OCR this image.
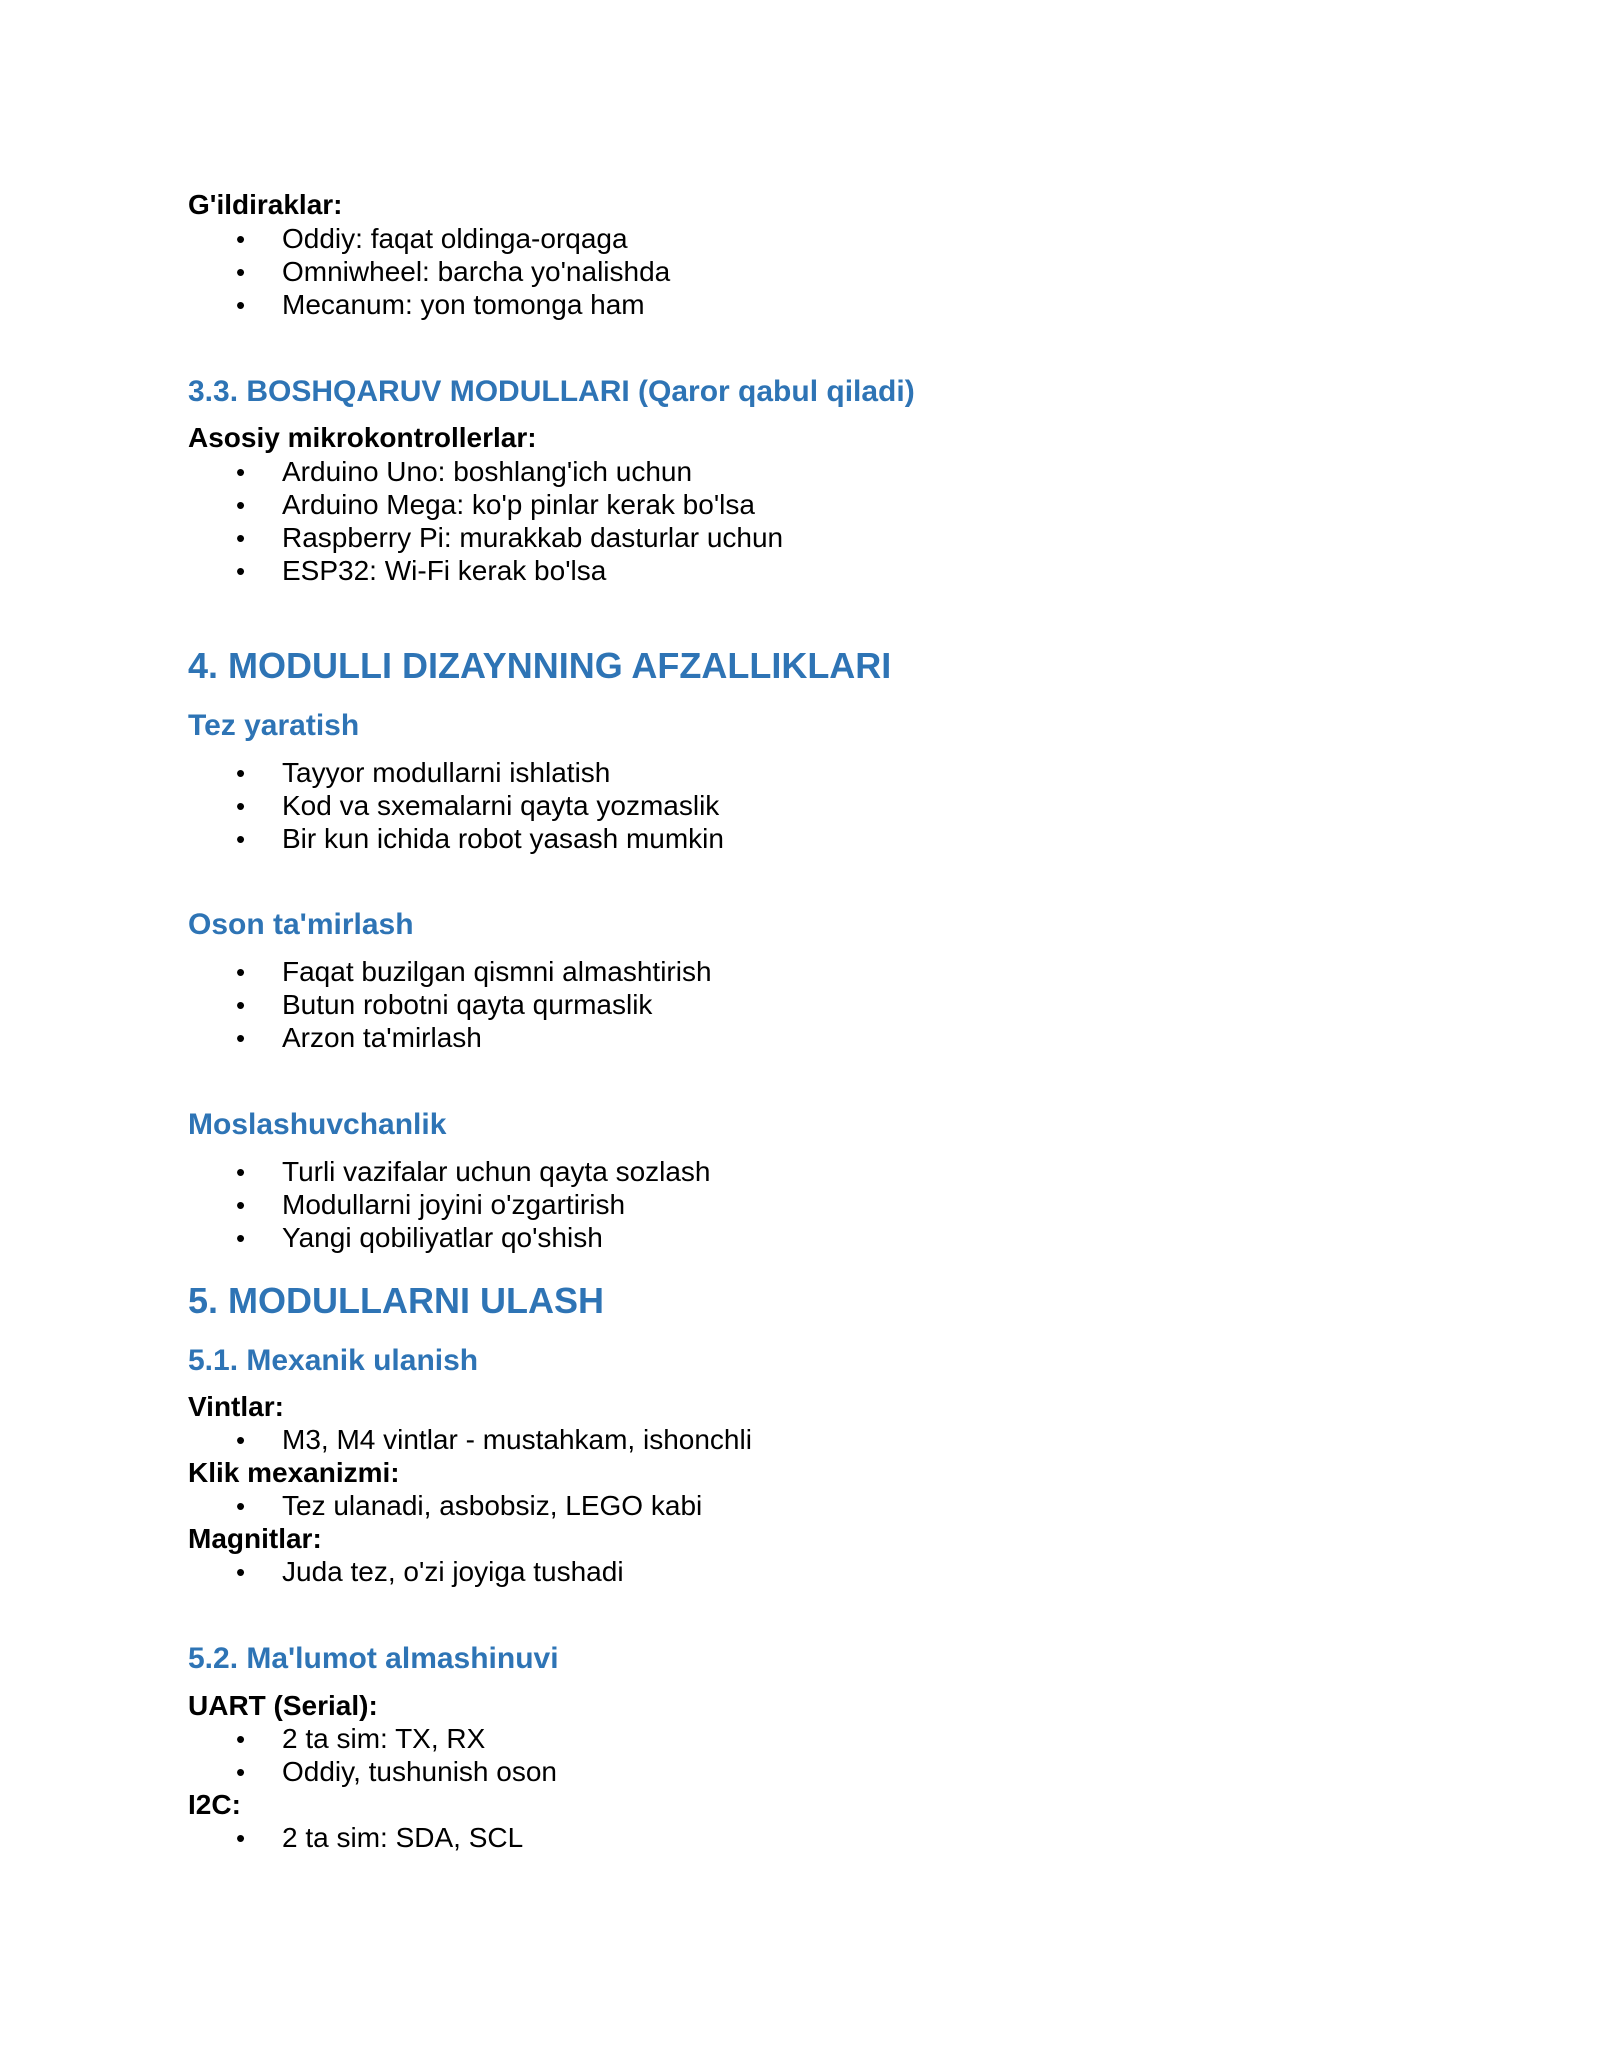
G'ildiraklar:
• Oddiy: faqat oldinga-orqaga
• Omniwheel: barcha yo'nalishda
• Mecanum: yon tomonga ham
3.3. BOSHQARUV MODULLARI (Qaror qabul qiladi)
Asosiy mikrokontrollerlar:
• Arduino Uno: boshlang'ich uchun
• Arduino Mega: ko'p pinlar kerak bo'lsa
• Raspberry Pi: murakkab dasturlar uchun
• ESP32: Wi-Fi kerak bo'lsa
4. MODULLI DIZAYNNING AFZALLIKLARI
Tez yaratish
• Tayyor modullarni ishlatish
• Kod va sxemalarni qayta yozmaslik
• Bir kun ichida robot yasash mumkin
Oson ta'mirlash
• Faqat buzilgan qismni almashtirish
• Butun robotni qayta qurmaslik
• Arzon ta'mirlash
Moslashuvchanlik
• Turli vazifalar uchun qayta sozlash
• Modullarni joyini o'zgartirish
• Yangi qobiliyatlar qo'shish
5. MODULLARNI ULASH
5.1. Mexanik ulanish
Vintlar:
• M3, M4 vintlar - mustahkam, ishonchli
Klik mexanizmi:
• Tez ulanadi, asbobsiz, LEGO kabi
Magnitlar:
• Juda tez, o'zi joyiga tushadi
5.2. Ma'lumot almashinuvi
UART (Serial):
• 2 ta sim: TX, RX
• Oddiy, tushunish oson
I2C:
• 2 ta sim: SDA, SCL
